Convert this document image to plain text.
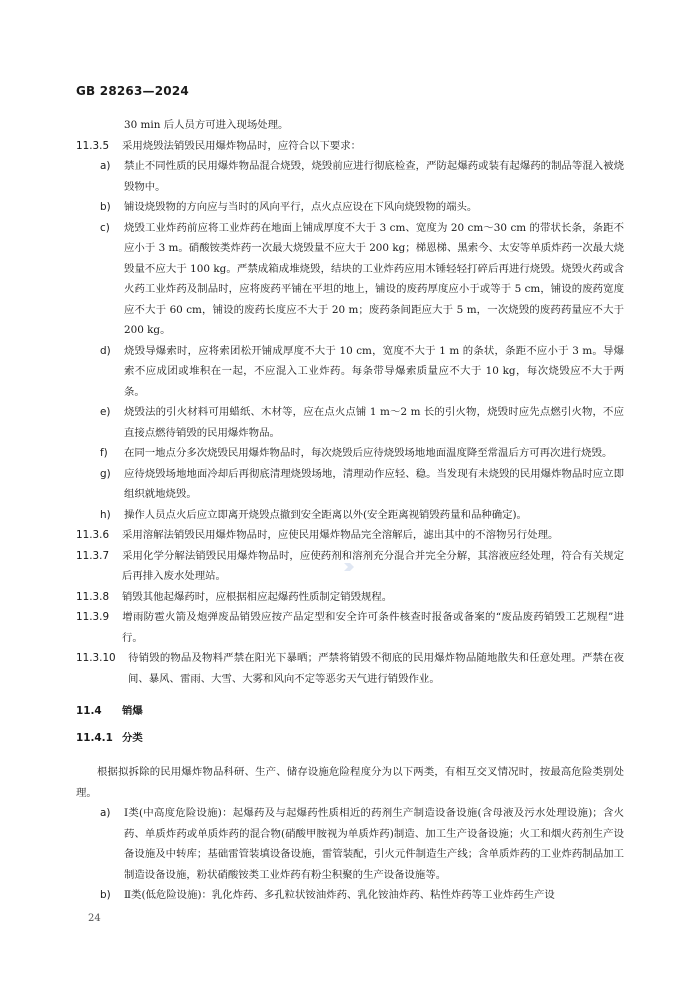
GB 28263—2024

30 min 后人员方可进入现场处理。

11.3.5 采用烧毁法销毁民用爆炸物品时，应符合以下要求：

a) 禁止不同性质的民用爆炸物品混合烧毁，烧毁前应进行彻底检查，严防起爆药或装有起爆药的制品等混入被烧毁物中。

b) 铺设烧毁物的方向应与当时的风向平行，点火点应设在下风向烧毁物的端头。

c) 烧毁工业炸药前应将工业炸药在地面上铺成厚度不大于 3 cm、宽度为 20 cm～30 cm 的带状长条，条距不应小于 3 m。硝酸铵类炸药一次最大烧毁量不应大于 200 kg；梯恩梯、黑索今、太安等单质炸药一次最大烧毁量不应大于 100 kg。严禁成箱成堆烧毁，结块的工业炸药应用木锤轻轻打碎后再进行烧毁。烧毁火药或含火药工业炸药及制品时，应将废药平铺在平坦的地上，铺设的废药厚度应小于或等于 5 cm，铺设的废药宽度应不大于 60 cm，铺设的废药长度应不大于 20 m；废药条间距应大于 5 m，一次烧毁的废药药量应不大于 200 kg。

d) 烧毁导爆索时，应将索团松开铺成厚度不大于 10 cm，宽度不大于 1 m 的条状，条距不应小于 3 m。导爆索不应成团或堆积在一起，不应混入工业炸药。每条带导爆索质量应不大于 10 kg，每次烧毁应不大于两条。

e) 烧毁法的引火材料可用蜡纸、木材等，应在点火点铺 1 m～2 m 长的引火物，烧毁时应先点燃引火物，不应直接点燃待销毁的民用爆炸物品。

f) 在同一地点分多次烧毁民用爆炸物品时，每次烧毁后应待烧毁场地地面温度降至常温后方可再次进行烧毁。

g) 应待烧毁场地地面冷却后再彻底清理烧毁场地，清理动作应轻、稳。当发现有未烧毁的民用爆炸物品时应立即组织就地烧毁。

h) 操作人员点火后应立即离开烧毁点撤到安全距离以外(安全距离视销毁药量和品种确定)。

11.3.6 采用溶解法销毁民用爆炸物品时，应使民用爆炸物品完全溶解后，滤出其中的不溶物另行处理。

11.3.7 采用化学分解法销毁民用爆炸物品时，应使药剂和溶剂充分混合并完全分解，其溶液应经处理，符合有关规定后再排入废水处理站。

11.3.8 销毁其他起爆药时，应根据相应起爆药性质制定销毁规程。

11.3.9 增雨防雹火箭及炮弹废品销毁应按产品定型和安全许可条件核查时报备或备案的“废品废药销毁工艺规程”进行。

11.3.10 待销毁的物品及物料严禁在阳光下暴晒；严禁将销毁不彻底的民用爆炸物品随地散失和任意处理。严禁在夜间、暴风、雷雨、大雪、大雾和风向不定等恶劣天气进行销毁作业。

11.4 销爆

11.4.1 分类

根据拟拆除的民用爆炸物品科研、生产、储存设施危险程度分为以下两类，有相互交叉情况时，按最高危险类别处理。

a) Ⅰ类(中高度危险设施)：起爆药及与起爆药性质相近的药剂生产制造设备设施(含母液及污水处理设施)；含火药、单质炸药或单质炸药的混合物(硝酸甲胺视为单质炸药)制造、加工生产设备设施；火工和烟火药剂生产设备设施及中转库；基础雷管装填设备设施，雷管装配，引火元件制造生产线；含单质炸药的工业炸药制品加工制造设备设施，粉状硝酸铵类工业炸药有粉尘积聚的生产设备设施等。

b) Ⅱ类(低危险设施)：乳化炸药、多孔粒状铵油炸药、乳化铵油炸药、粘性炸药等工业炸药生产设

24
